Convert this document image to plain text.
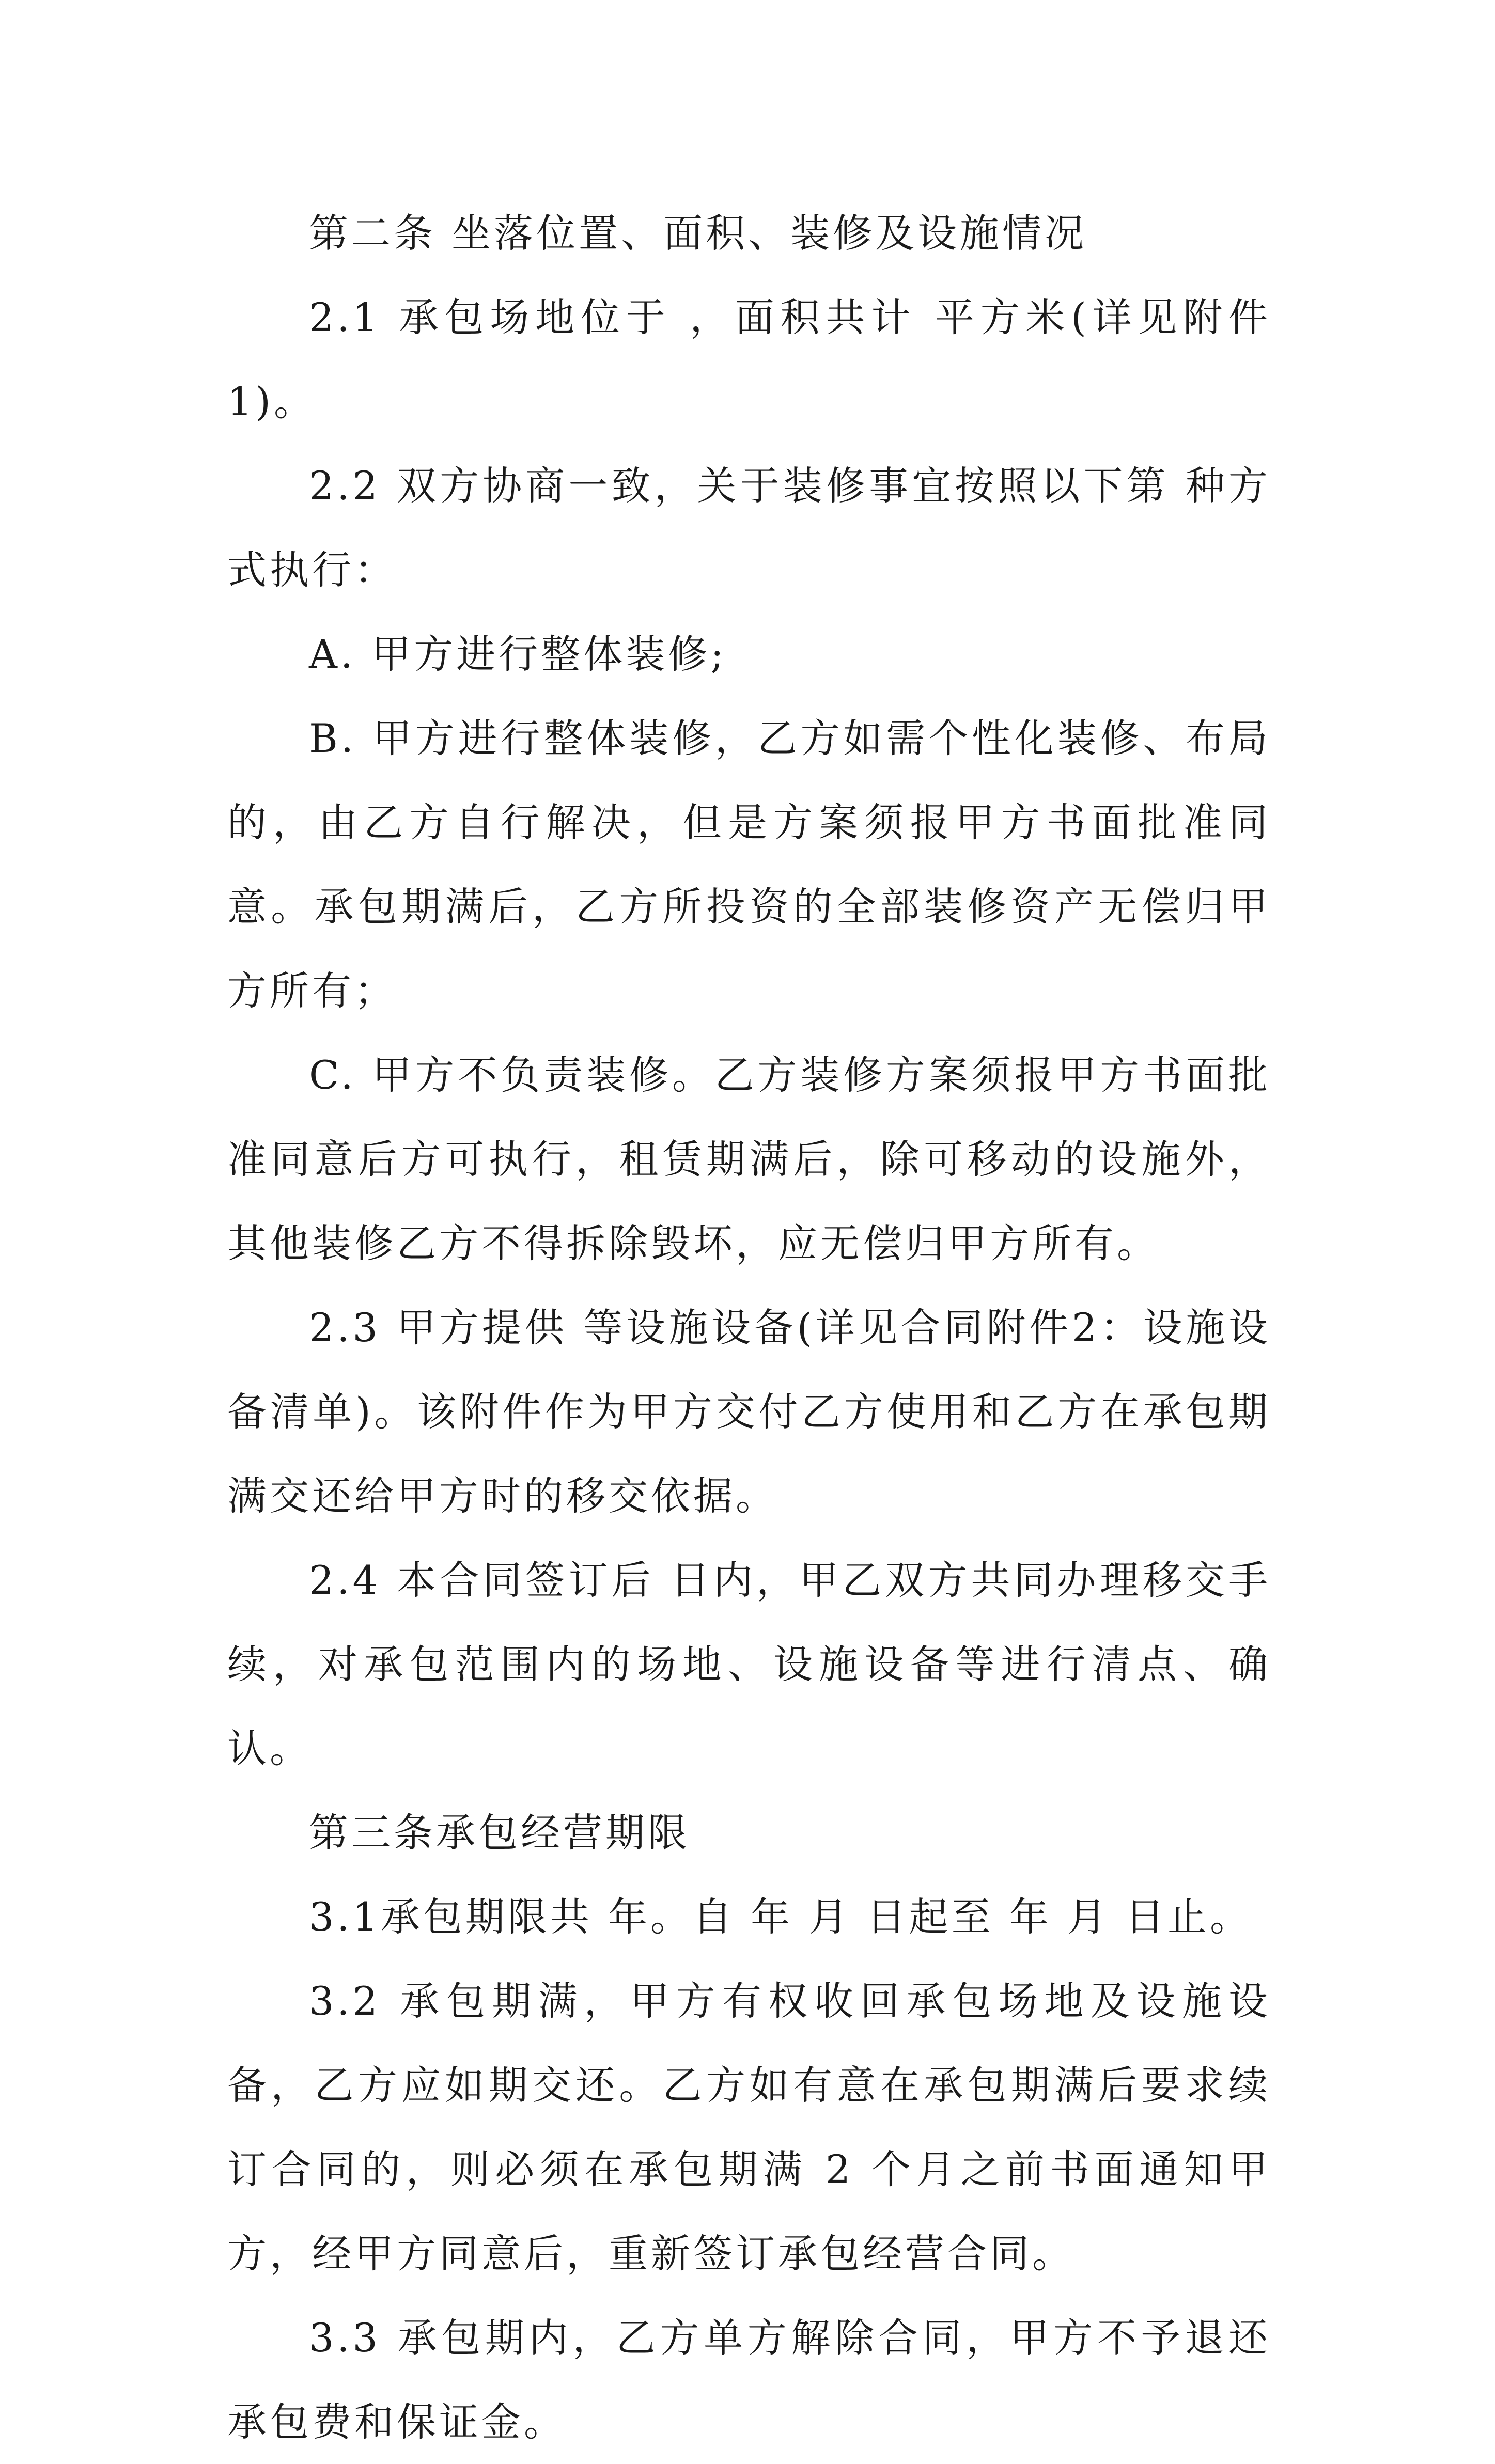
第二条 坐落位置、面积、装修及设施情况

2.1 承包场地位于 ，面积共计 平方米(详见附件1)。

2.2 双方协商一致，关于装修事宜按照以下第 种方式执行：

A. 甲方进行整体装修;

B. 甲方进行整体装修，乙方如需个性化装修、布局的，由乙方自行解决，但是方案须报甲方书面批准同意。承包期满后，乙方所投资的全部装修资产无偿归甲方所有；

C. 甲方不负责装修。乙方装修方案须报甲方书面批准同意后方可执行，租赁期满后，除可移动的设施外，其他装修乙方不得拆除毁坏，应无偿归甲方所有。

2.3 甲方提供 等设施设备(详见合同附件2：设施设备清单)。该附件作为甲方交付乙方使用和乙方在承包期满交还给甲方时的移交依据。

2.4 本合同签订后 日内，甲乙双方共同办理移交手续，对承包范围内的场地、设施设备等进行清点、确认。

第三条承包经营期限

3.1承包期限共 年。自 年 月 日起至 年 月 日止。

3.2 承包期满，甲方有权收回承包场地及设施设备，乙方应如期交还。乙方如有意在承包期满后要求续订合同的，则必须在承包期满 2 个月之前书面通知甲方，经甲方同意后，重新签订承包经营合同。

3.3 承包期内，乙方单方解除合同，甲方不予退还承包费和保证金。
